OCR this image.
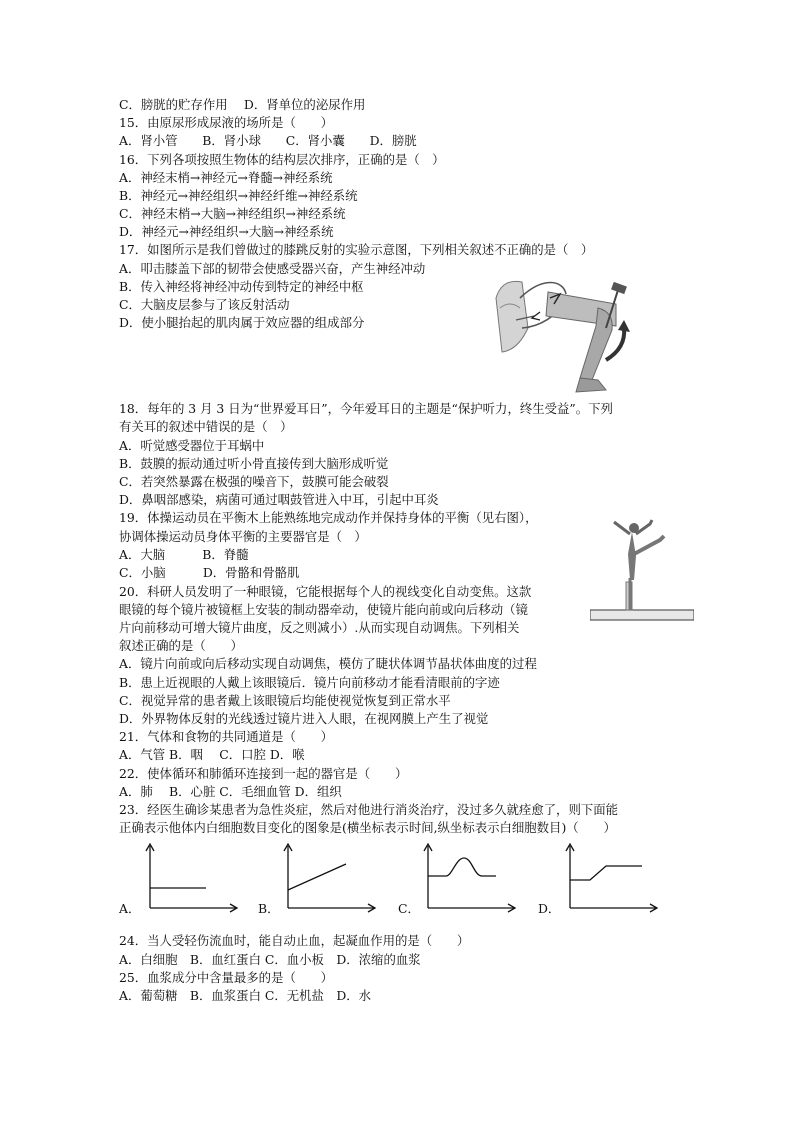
C．膀胱的贮存作用　 D．肾单位的泌尿作用
15．由原尿形成尿液的场所是（　　）
A．肾小管　　B．肾小球　　C．肾小囊　　D．膀胱
16．下列各项按照生物体的结构层次排序，正确的是（　）
A．神经末梢→神经元→脊髓→神经系统
B．神经元→神经组织→神经纤维→神经系统
C．神经末梢→大脑→神经组织→神经系统
D．神经元→神经组织→大脑→神经系统
17．如图所示是我们曾做过的膝跳反射的实验示意图，下列相关叙述不正确的是（　）
A．叩击膝盖下部的韧带会使感受器兴奋，产生神经冲动
B．传入神经将神经冲动传到特定的神经中枢
C．大脑皮层参与了该反射活动
D．使小腿抬起的肌肉属于效应器的组成部分
18．每年的 3 月 3 日为“世界爱耳日”，今年爱耳日的主题是“保护听力，终生受益”。下列
有关耳的叙述中错误的是（　）
A．听觉感受器位于耳蜗中
B．鼓膜的振动通过听小骨直接传到大脑形成听觉
C．若突然暴露在极强的噪音下，鼓膜可能会破裂
D．鼻咽部感染，病菌可通过咽鼓管进入中耳，引起中耳炎
19．体操运动员在平衡木上能熟练地完成动作并保持身体的平衡（见右图），
协调体操运动员身体平衡的主要器官是（　）
A．大脑　　　B．脊髓
C．小脑　　　D．骨骼和骨骼肌
20．科研人员发明了一种眼镜，它能根据每个人的视线变化自动变焦。这款
眼镜的每个镜片被镜框上安装的制动器牵动，使镜片能向前或向后移动（镜
片向前移动可增大镜片曲度，反之则减小）.从而实现自动调焦。下列相关
叙述正确的是（　　）
A．镜片向前或向后移动实现自动调焦，模仿了睫状体调节晶状体曲度的过程
B．患上近视眼的人戴上该眼镜后．镜片向前移动才能看清眼前的字迹
C．视觉异常的患者戴上该眼镜后均能使视觉恢复到正常水平
D．外界物体反射的光线透过镜片进入人眼，在视网膜上产生了视觉
21．气体和食物的共同通道是（　　）
A．气管 B．咽　 C．口腔 D．喉
22．使体循环和肺循环连接到一起的器官是（　　）
A．肺　 B．心脏 C．毛细血管 D．组织
23．经医生确诊某患者为急性炎症，然后对他进行消炎治疗，没过多久就痊愈了，则下面能
正确表示他体内白细胞数目变化的图象是(横坐标表示时间,纵坐标表示白细胞数目)（　　）
A．	B．	C．	D．
24．当人受轻伤流血时，能自动止血，起凝血作用的是（　　）
A．白细胞　B．血红蛋白 C．血小板　D．浓缩的血浆
25．血浆成分中含量最多的是（　　）
A．葡萄糖　B．血浆蛋白 C．无机盐　D．水
